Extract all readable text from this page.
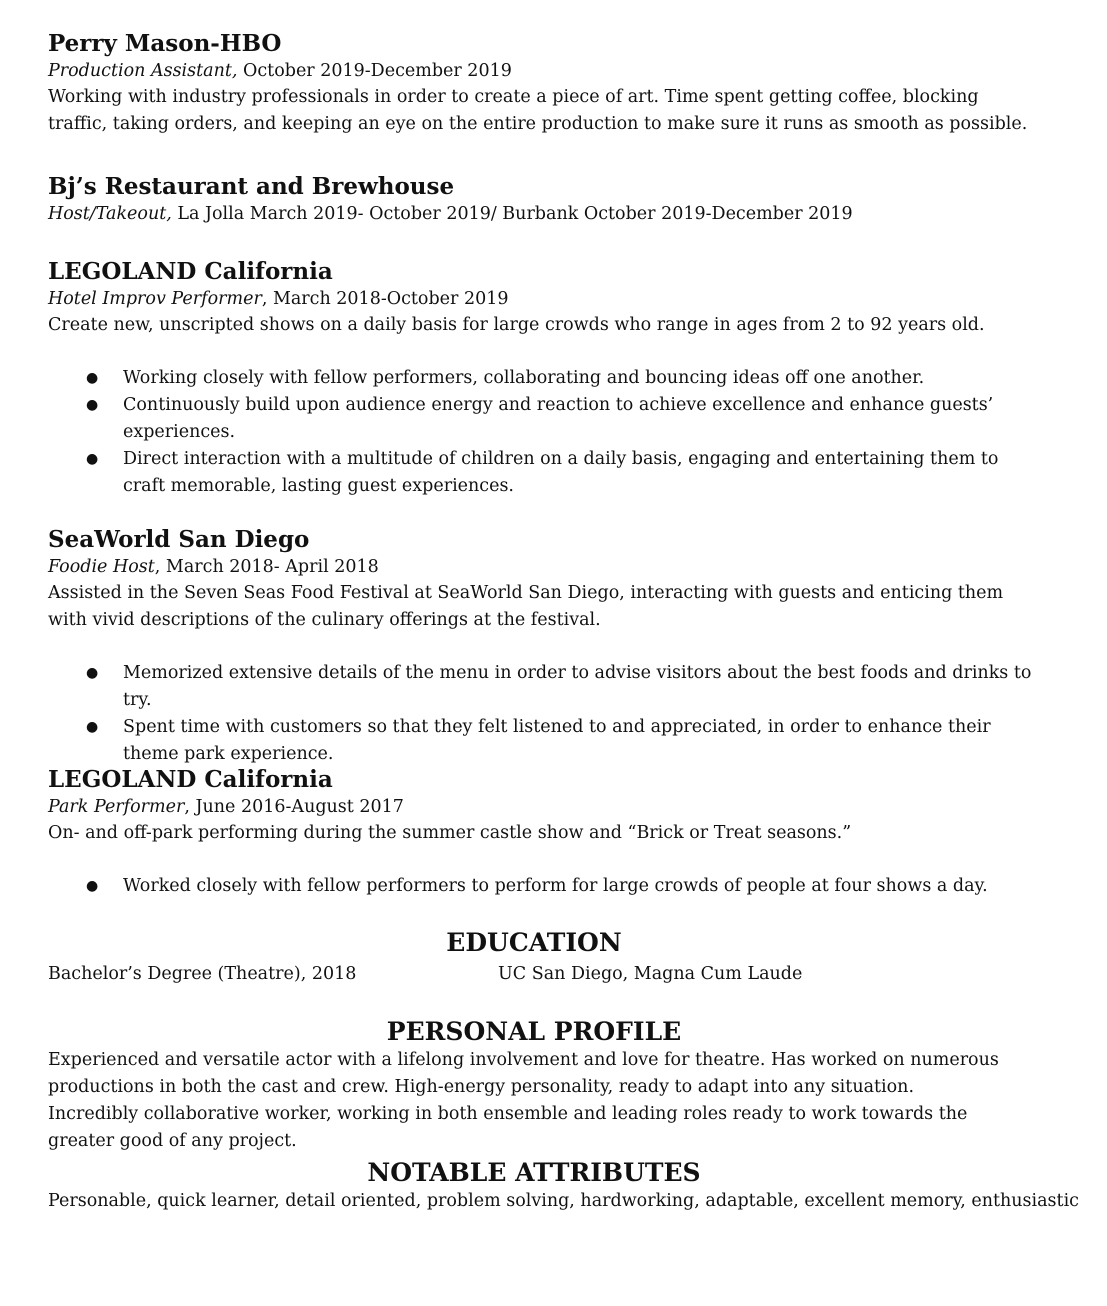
Perry Mason-HBO

Production Assistant, October 2019-December 2019

Working with industry professionals in order to create a piece of art. Time spent getting coffee, blocking traffic, taking orders, and keeping an eye on the entire production to make sure it runs as smooth as possible.

Bj’s Restaurant and Brewhouse

Host/Takeout, La Jolla March 2019- October 2019/ Burbank October 2019-December 2019

LEGOLAND California

Hotel Improv Performer, March 2018-October 2019

Create new, unscripted shows on a daily basis for large crowds who range in ages from 2 to 92 years old.

● Working closely with fellow performers, collaborating and bouncing ideas off one another.
● Continuously build upon audience energy and reaction to achieve excellence and enhance guests’ experiences.
● Direct interaction with a multitude of children on a daily basis, engaging and entertaining them to craft memorable, lasting guest experiences.
SeaWorld San Diego

Foodie Host, March 2018- April 2018

Assisted in the Seven Seas Food Festival at SeaWorld San Diego, interacting with guests and enticing them with vivid descriptions of the culinary offerings at the festival.

● Memorized extensive details of the menu in order to advise visitors about the best foods and drinks to try.
● Spent time with customers so that they felt listened to and appreciated, in order to enhance their theme park experience.
LEGOLAND California

Park Performer, June 2016-August 2017

On- and off-park performing during the summer castle show and “Brick or Treat seasons.”

● Worked closely with fellow performers to perform for large crowds of people at four shows a day.
EDUCATION
Bachelor’s Degree (Theatre), 2018	UC San Diego, Magna Cum Laude
PERSONAL PROFILE

Experienced and versatile actor with a lifelong involvement and love for theatre. Has worked on numerous productions in both the cast and crew. High-energy personality, ready to adapt into any situation. Incredibly collaborative worker, working in both ensemble and leading roles ready to work towards the greater good of any project.

NOTABLE ATTRIBUTES

Personable, quick learner, detail oriented, problem solving, hardworking, adaptable, excellent memory, enthusiastic
